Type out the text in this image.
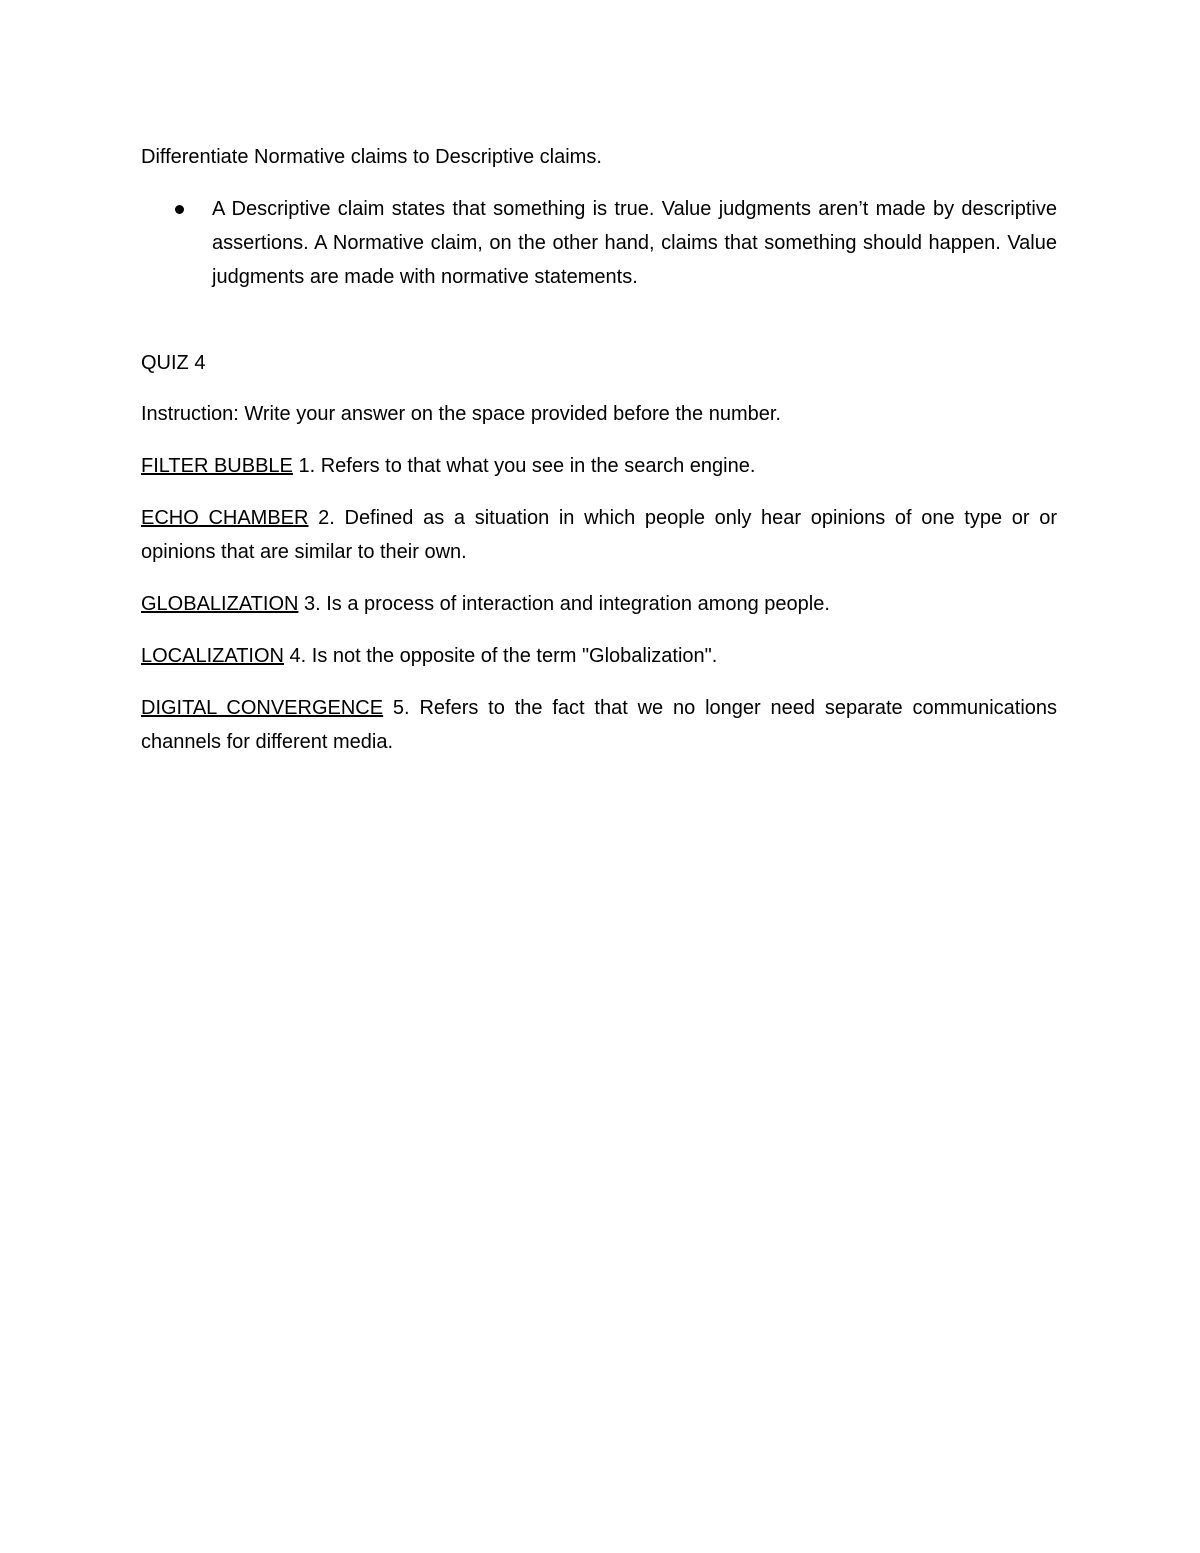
Differentiate Normative claims to Descriptive claims.

A Descriptive claim states that something is true. Value judgments aren’t made by descriptive assertions. A Normative claim, on the other hand, claims that something should happen. Value judgments are made with normative statements.

QUIZ 4

Instruction: Write your answer on the space provided before the number.

FILTER BUBBLE 1. Refers to that what you see in the search engine.

ECHO CHAMBER 2. Defined as a situation in which people only hear opinions of one type or or opinions that are similar to their own.

GLOBALIZATION 3. Is a process of interaction and integration among people.

LOCALIZATION 4. Is not the opposite of the term "Globalization".

DIGITAL CONVERGENCE 5. Refers to the fact that we no longer need separate communications channels for different media.
